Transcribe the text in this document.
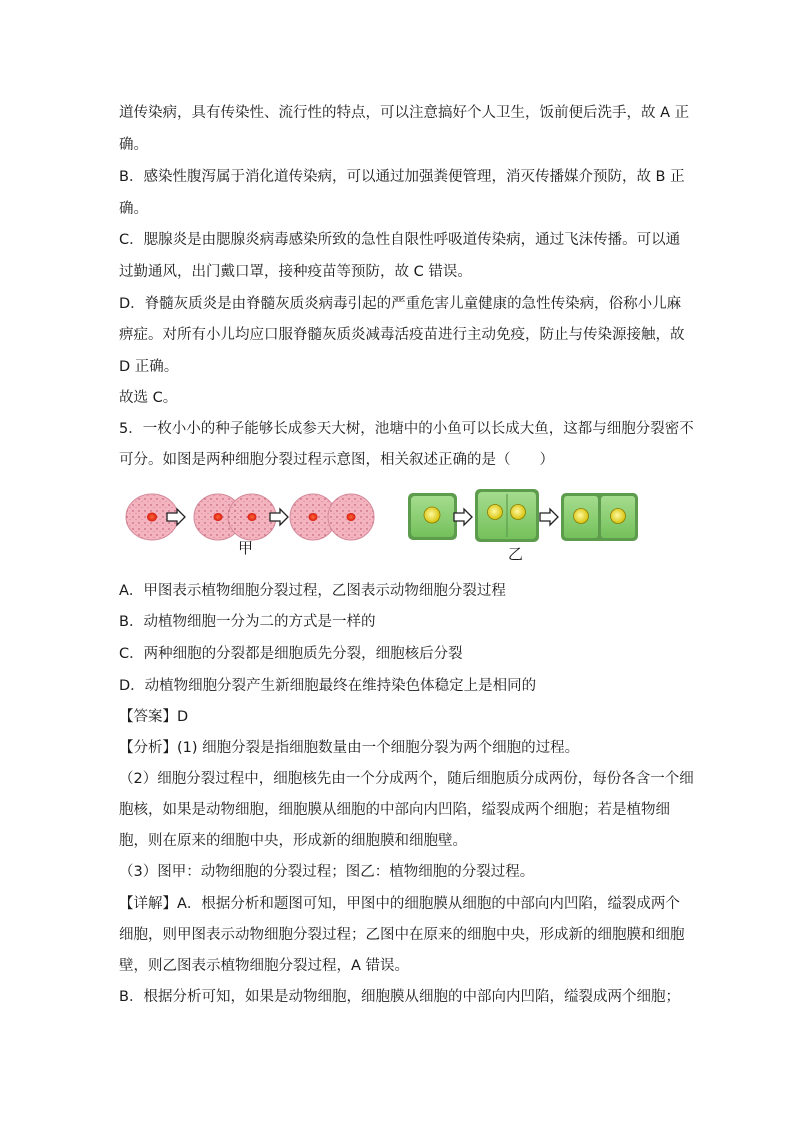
道传染病，具有传染性、流行性的特点，可以注意搞好个人卫生，饭前便后洗手，故 A 正
确。
B．感染性腹泻属于消化道传染病，可以通过加强粪便管理，消灭传播媒介预防，故 B 正
确。
C．腮腺炎是由腮腺炎病毒感染所致的急性自限性呼吸道传染病，通过飞沫传播。可以通
过勤通风，出门戴口罩，接种疫苗等预防，故 C 错误。
D．脊髓灰质炎是由脊髓灰质炎病毒引起的严重危害儿童健康的急性传染病，俗称小儿麻
痹症。对所有小儿均应口服脊髓灰质炎减毒活疫苗进行主动免疫，防止与传染源接触，故
D 正确。
故选 C。
5．一枚小小的种子能够长成参天大树，池塘中的小鱼可以长成大鱼，这都与细胞分裂密不
可分。如图是两种细胞分裂过程示意图，相关叙述正确的是（　　）
甲	乙
A．甲图表示植物细胞分裂过程，乙图表示动物细胞分裂过程
B．动植物细胞一分为二的方式是一样的
C．两种细胞的分裂都是细胞质先分裂，细胞核后分裂
D．动植物细胞分裂产生新细胞最终在维持染色体稳定上是相同的
【答案】D
【分析】(1) 细胞分裂是指细胞数量由一个细胞分裂为两个细胞的过程。
（2）细胞分裂过程中，细胞核先由一个分成两个，随后细胞质分成两份，每份各含一个细
胞核，如果是动物细胞，细胞膜从细胞的中部向内凹陷，缢裂成两个细胞；若是植物细
胞，则在原来的细胞中央，形成新的细胞膜和细胞壁。
（3）图甲：动物细胞的分裂过程；图乙：植物细胞的分裂过程。
【详解】A．根据分析和题图可知，甲图中的细胞膜从细胞的中部向内凹陷，缢裂成两个
细胞，则甲图表示动物细胞分裂过程；乙图中在原来的细胞中央，形成新的细胞膜和细胞
壁，则乙图表示植物细胞分裂过程，A 错误。
B．根据分析可知，如果是动物细胞，细胞膜从细胞的中部向内凹陷，缢裂成两个细胞；
